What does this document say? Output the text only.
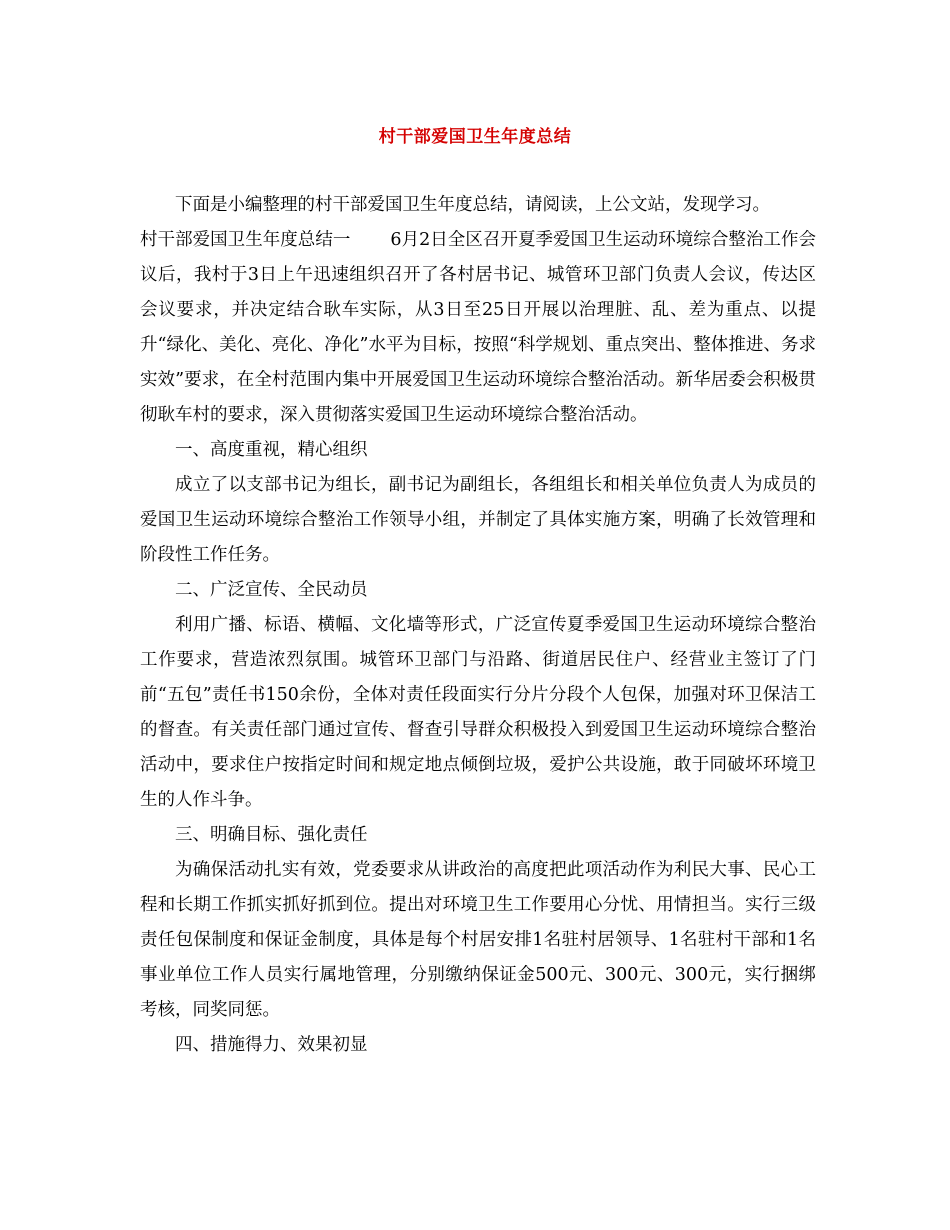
村干部爱国卫生年度总结

下面是小编整理的村干部爱国卫生年度总结，请阅读，上公文站，发现学习。

村干部爱国卫生年度总结一 6月2日全区召开夏季爱国卫生运动环境综合整治工作会议后，我村于3日上午迅速组织召开了各村居书记、城管环卫部门负责人会议，传达区会议要求，并决定结合耿车实际，从3日至25日开展以治理脏、乱、差为重点、以提升“绿化、美化、亮化、净化”水平为目标，按照“科学规划、重点突出、整体推进、务求实效”要求，在全村范围内集中开展爱国卫生运动环境综合整治活动。新华居委会积极贯彻耿车村的要求，深入贯彻落实爱国卫生运动环境综合整治活动。

一、高度重视，精心组织

成立了以支部书记为组长，副书记为副组长，各组组长和相关单位负责人为成员的爱国卫生运动环境综合整治工作领导小组，并制定了具体实施方案，明确了长效管理和阶段性工作任务。

二、广泛宣传、全民动员

利用广播、标语、横幅、文化墙等形式，广泛宣传夏季爱国卫生运动环境综合整治工作要求，营造浓烈氛围。城管环卫部门与沿路、街道居民住户、经营业主签订了门前“五包”责任书150余份，全体对责任段面实行分片分段个人包保，加强对环卫保洁工的督查。有关责任部门通过宣传、督查引导群众积极投入到爱国卫生运动环境综合整治活动中，要求住户按指定时间和规定地点倾倒垃圾，爱护公共设施，敢于同破坏环境卫生的人作斗争。

三、明确目标、强化责任

为确保活动扎实有效，党委要求从讲政治的高度把此项活动作为利民大事、民心工程和长期工作抓实抓好抓到位。提出对环境卫生工作要用心分忧、用情担当。实行三级责任包保制度和保证金制度，具体是每个村居安排1名驻村居领导、1名驻村干部和1名事业单位工作人员实行属地管理，分别缴纳保证金500元、300元、300元，实行捆绑考核，同奖同惩。

四、措施得力、效果初显
